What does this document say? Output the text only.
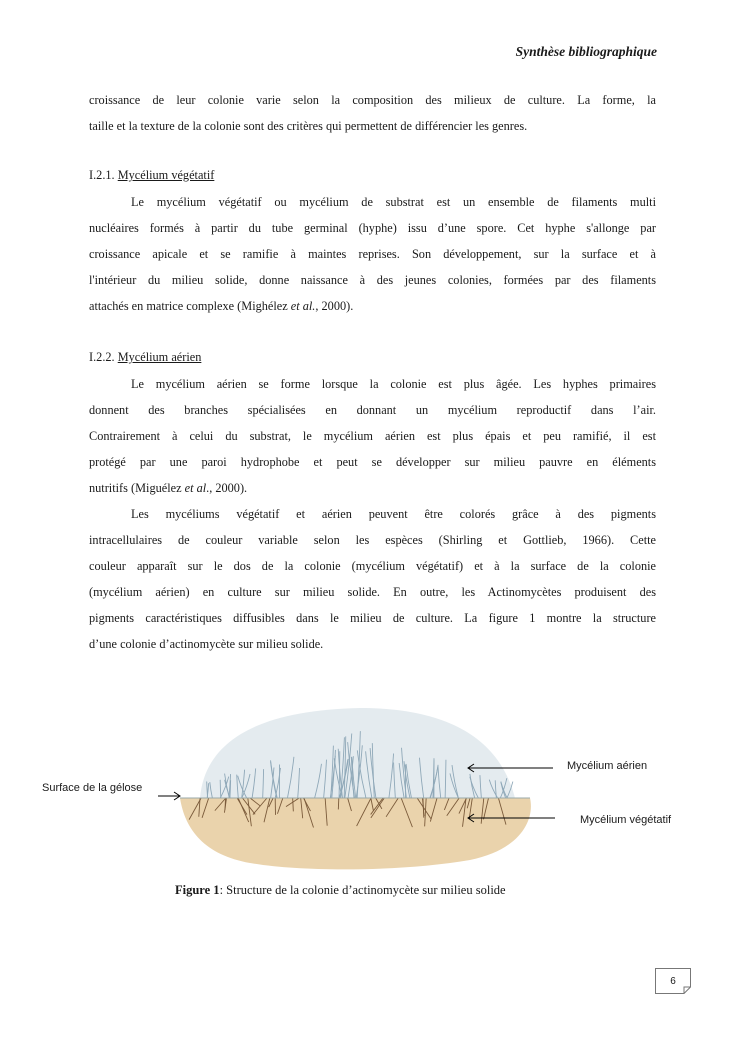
Synthèse bibliographique
croissance de leur colonie varie selon la composition des milieux de culture. La forme, la
taille et la texture de la colonie sont des critères qui permettent de différencier les genres.
I.2.1. Mycélium végétatif
Le mycélium végétatif ou mycélium de substrat est un ensemble de filaments multi
nucléaires formés à partir du tube germinal (hyphe) issu d’une spore. Cet hyphe s'allonge par
croissance apicale et se ramifie à maintes reprises. Son développement, sur la surface et à
l'intérieur du milieu solide, donne naissance à des jeunes colonies, formées par des filaments
attachés en matrice complexe (Mighélez et al., 2000).
I.2.2. Mycélium aérien
Le mycélium aérien se forme lorsque la colonie est plus âgée. Les hyphes primaires
donnent des branches spécialisées en donnant un mycélium reproductif dans l’air.
Contrairement à celui du substrat, le mycélium aérien est plus épais et peu ramifié, il est
protégé par une paroi hydrophobe et peut se développer sur milieu pauvre en éléments
nutritifs (Miguélez et al., 2000).
Les mycéliums végétatif et aérien peuvent être colorés grâce à des pigments
intracellulaires de couleur variable selon les espèces (Shirling et Gottlieb, 1966). Cette
couleur apparaît sur le dos de la colonie (mycélium végétatif) et à la surface de la colonie
(mycélium aérien) en culture sur milieu solide. En outre, les Actinomycètes produisent des
pigments caractéristiques diffusibles dans le milieu de culture. La figure 1 montre la structure
d’une colonie d’actinomycète sur milieu solide.
Mycélium aérien
Surface de la gélose
Mycélium végétatif
Figure 1: Structure de la colonie d’actinomycète sur milieu solide
6
